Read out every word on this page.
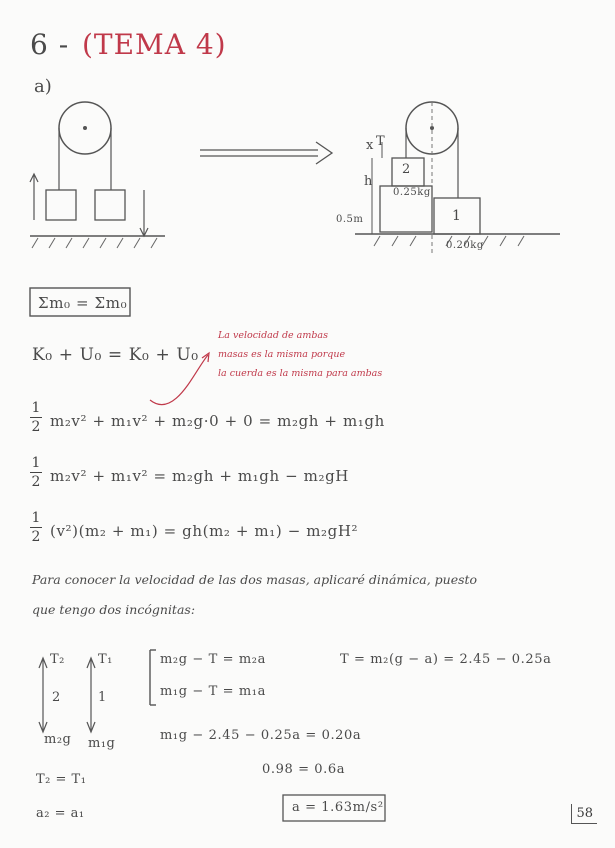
6 - (TEMA 4)
a)
x T
h
2
0.25kg
1
0.20kg
0.5m
Σm₀ = Σm₀
K₀ + U₀ = K₀ + U₀
La velocidad de ambas
masas es la misma porque
la cuerda es la misma para ambas
1
2 m₂v² + m₁v² + m₂g·0 + 0 = m₂gh + m₁gh
1
2 m₂v² + m₁v² = m₂gh + m₁gh − m₂gH
1
2 (v²)(m₂ + m₁) = gh(m₂ + m₁) − m₂gH²
Para conocer la velocidad de las dos masas, aplicaré dinámica, puesto
que tengo dos incógnitas:
T₂	T₁
2	1
m₂g m₁g
m₂g − T = m₂a	T = m₂(g − a) = 2.45 − 0.25a
m₁g − T = m₁a
m₁g − 2.45 − 0.25a = 0.20a
0.98 = 0.6a
a = 1.63m/s²
T₂ = T₁
a₂ = a₁	58
